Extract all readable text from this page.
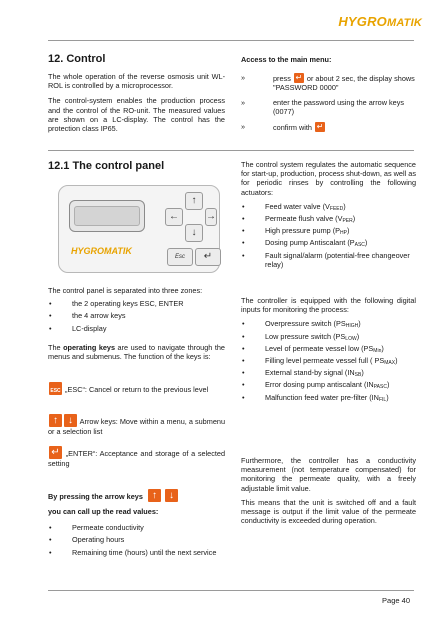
HYGROMATIK
12. Control

The whole operation of the reverse osmosis unit WL-ROL is controlled by a microprocessor.

The control-system enables the production process and the control of the RO-unit. The measured values are shown on a LC-display. The control has the protection class IP65.

12.1 The control panel
↑
←	→
↓
HYGROMATIK
Esc	↵

The control panel is separated into three zones:

• the 2 operating keys ESC, ENTER
• the 4 arrow keys
• LC-display

The operating keys are used to navigate through the menus and submenus. The function of the keys is:

ESC „ESC“: Cancel or return to the previous level

↑↓ Arrow keys: Move within a menu, a submenu or a selection list

↵ „ENTER“: Acceptance and storage of a selected setting

By pressing the arrow keys  ↑ ↓

you can call up the read values:

• Permeate conductivity
• Operating hours
• Remaining time (hours) until the next service

Access to the main menu:

» press ↵ or about 2 sec, the display shows "PASSWORD 0000"
» enter the password using the arrow keys (0077)
» confirm with ↵

The control system regulates the automatic sequence for start-up, production, process shut-down, as well as for periodic rinses by controlling the following actuators:

• Feed water valve $(V_{FEED})$
• Permeate flush valve $(V_{PER})$
• High pressure pump $(P_{HP})$
• Dosing pump Antiscalant $(P_{ASC})$
• Fault signal/alarm (potential-free changeover relay)

The controller is equipped with the following digital inputs for monitoring the process:

• Overpressure switch $(PS_{HIGH})$
• Low pressure switch $(PS_{LOW})$
• Level of permeate vessel low $(PS_{Min})$
• Filling level permeate vessel full ( $PS_{MAX}$)
• External stand-by signal $(IN_{SB})$
• Error dosing pump antiscalant $(IN_{PASC})$
• Malfunction feed water pre-filter $(IN_{FIL})$

Furthermore, the controller has a conductivity measurement (not temperature compensated) for monitoring the permeate quality, with a freely adjustable limit value.

This means that the unit is switched off and a fault message is output if the limit value of the permeate conductivity is exceeded during operation.

Page 40
